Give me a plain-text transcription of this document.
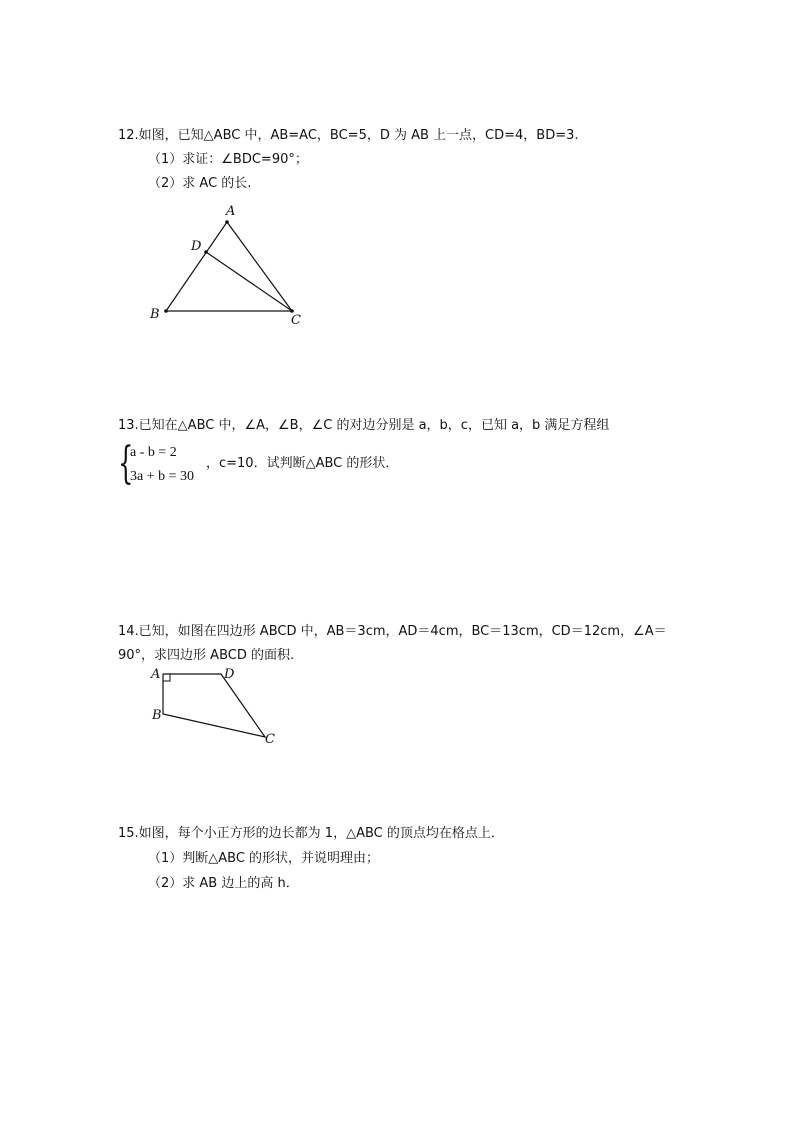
12.如图，已知△ABC 中，AB=AC，BC=5，D 为 AB 上一点，CD=4，BD=3.
（1）求证：∠BDC=90°；
（2）求 AC 的长.
A
D
B	C
13.已知在△ABC 中，∠A，∠B，∠C 的对边分别是 a，b，c，已知 a，b 满足方程组
{
a - b = 2
3a + b = 30
，c=10．试判断△ABC 的形状．
14.已知，如图在四边形 ABCD 中，AB＝3cm，AD＝4cm，BC＝13cm，CD＝12cm，∠A＝
90°，求四边形 ABCD 的面积.
A	D
B
C
15.如图，每个小正方形的边长都为 1，△ABC 的顶点均在格点上．
（1）判断△ABC 的形状，并说明理由；
（2）求 AB 边上的高 h．
